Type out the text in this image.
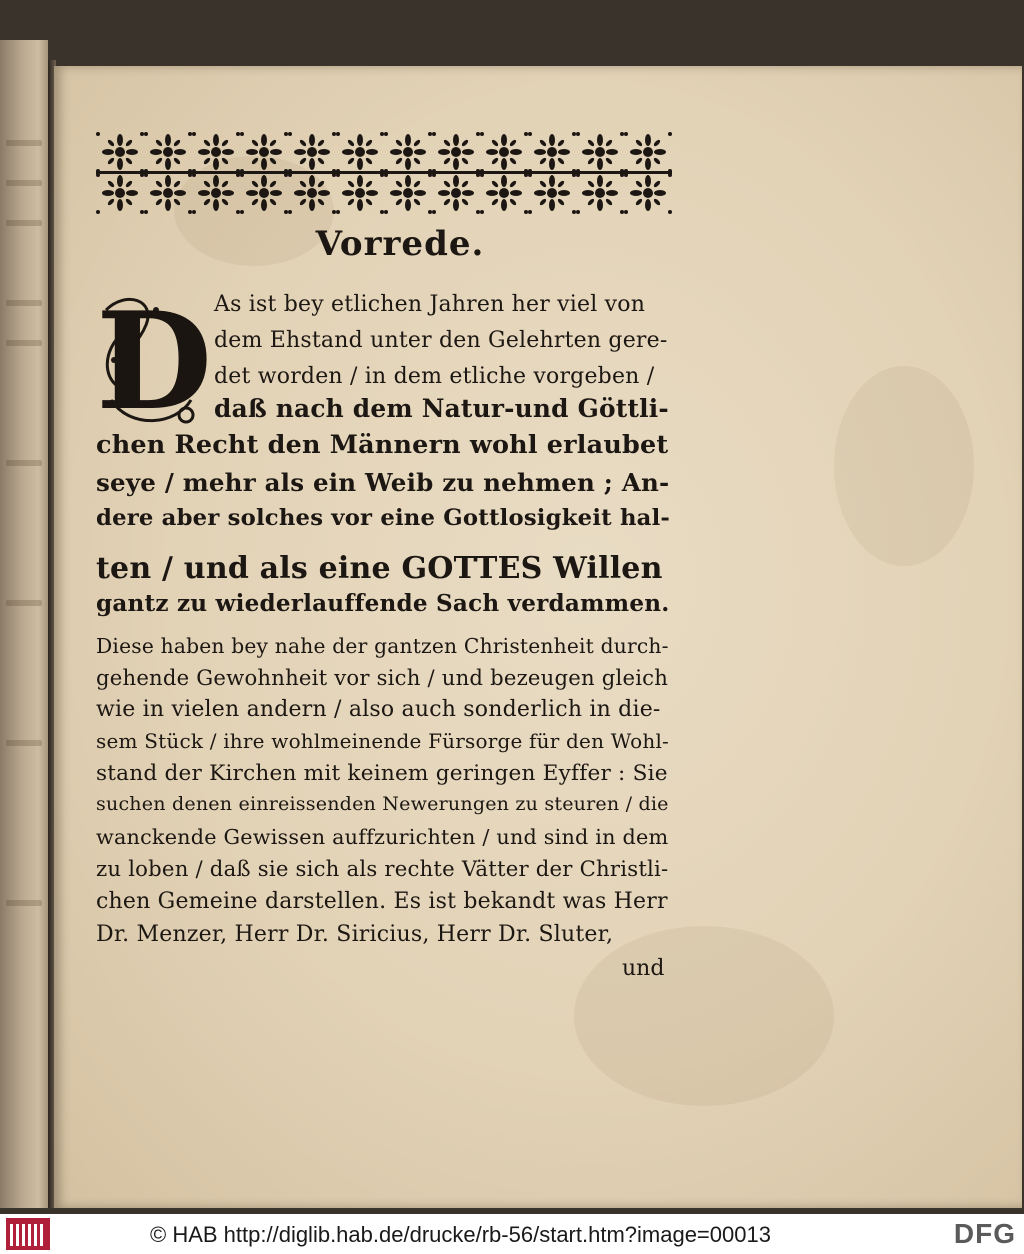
Vorrede.
D As ist bey etlichen Jahren her viel von
dem Ehstand unter den Gelehrten gere-
det worden / in dem etliche vorgeben /
daß nach dem Natur-und Göttli-
chen Recht den Männern wohl erlaubet
seye / mehr als ein Weib zu nehmen ; An-
dere aber solches vor eine Gottlosigkeit hal-
ten / und als eine GOTTES Willen
gantz zu wiederlauffende Sach verdammen.
Diese haben bey nahe der gantzen Christenheit durch-
gehende Gewohnheit vor sich / und bezeugen gleich
wie in vielen andern / also auch sonderlich in die-
sem Stück / ihre wohlmeinende Fürsorge für den Wohl-
stand der Kirchen mit keinem geringen Eyffer : Sie
suchen denen einreissenden Newerungen zu steuren / die
wanckende Gewissen auffzurichten / und sind in dem
zu loben / daß sie sich als rechte Vätter der Christli-
chen Gemeine darstellen. Es ist bekandt was Herr
Dr. Menzer, Herr Dr. Siricius, Herr Dr. Sluter,
und
© HAB http://diglib.hab.de/drucke/rb-56/start.htm?image=00013	DFG
